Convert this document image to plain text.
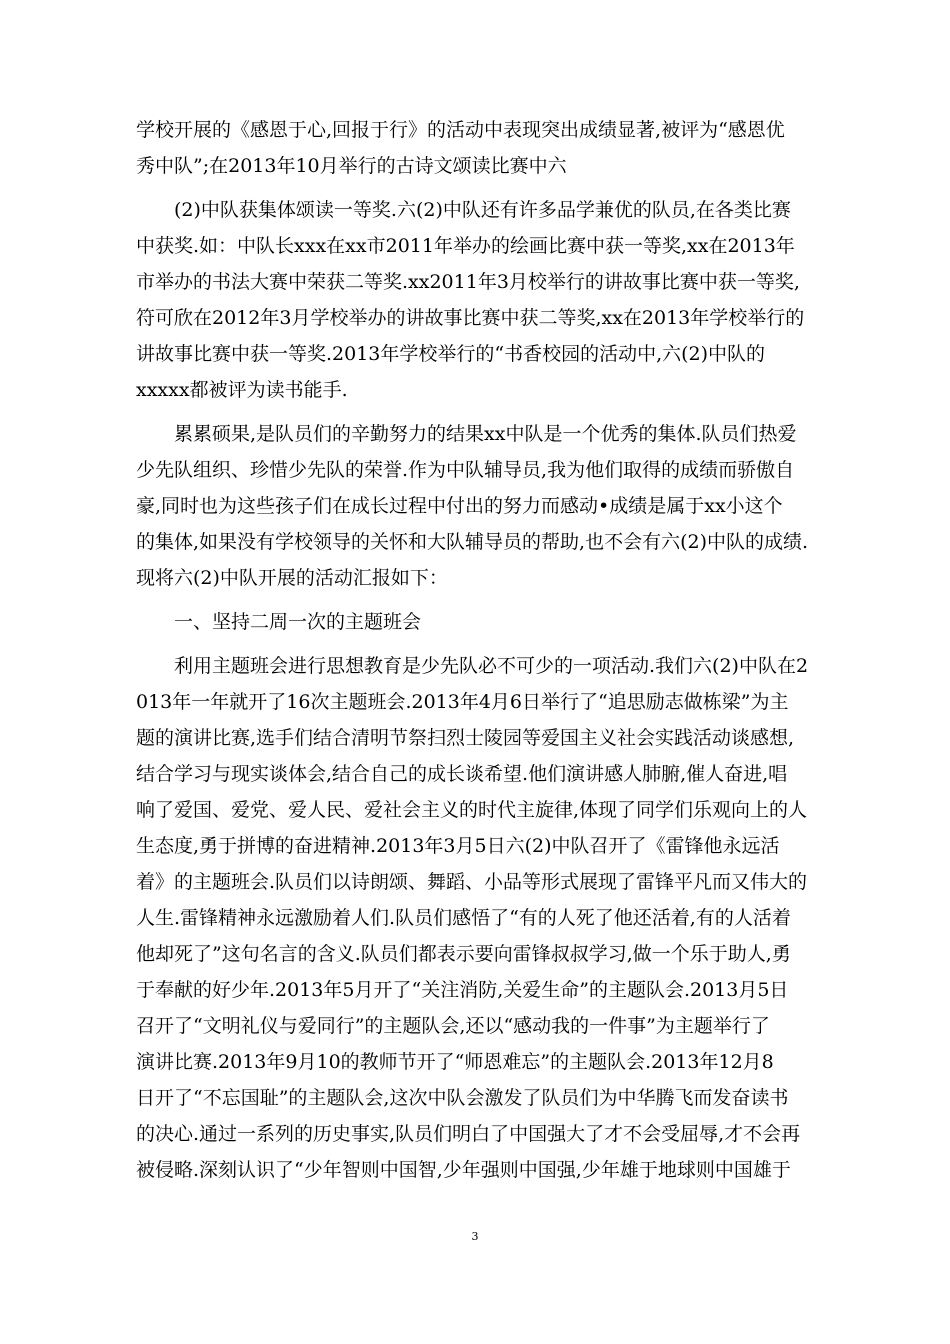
学校开展的《感恩于心,回报于行》的活动中表现突出成绩显著,被评为“感恩优
秀中队”;在2013年10月举行的古诗文颂读比赛中六
(2)中队获集体颂读一等奖.六(2)中队还有许多品学兼优的队员,在各类比赛
中获奖.如：中队长xxx在xx市2011年举办的绘画比赛中获一等奖,xx在2013年
市举办的书法大赛中荣获二等奖.xx2011年3月校举行的讲故事比赛中获一等奖,
符可欣在2012年3月学校举办的讲故事比赛中获二等奖,xx在2013年学校举行的
讲故事比赛中获一等奖.2013年学校举行的“书香校园的活动中,六(2)中队的
xxxxx都被评为读书能手.
累累硕果,是队员们的辛勤努力的结果xx中队是一个优秀的集体.队员们热爱
少先队组织、珍惜少先队的荣誉.作为中队辅导员,我为他们取得的成绩而骄傲自
豪,同时也为这些孩子们在成长过程中付出的努力而感动•成绩是属于xx小这个
的集体,如果没有学校领导的关怀和大队辅导员的帮助,也不会有六(2)中队的成绩.
现将六(2)中队开展的活动汇报如下：
一、坚持二周一次的主题班会
利用主题班会进行思想教育是少先队必不可少的一项活动.我们六(2)中队在2
013年一年就开了16次主题班会.2013年4月6日举行了“追思励志做栋梁”为主
题的演讲比赛,选手们结合清明节祭扫烈士陵园等爱国主义社会实践活动谈感想,
结合学习与现实谈体会,结合自己的成长谈希望.他们演讲感人肺腑,催人奋进,唱
响了爱国、爱党、爱人民、爱社会主义的时代主旋律,体现了同学们乐观向上的人
生态度,勇于拼博的奋进精神.2013年3月5日六(2)中队召开了《雷锋他永远活
着》的主题班会.队员们以诗朗颂、舞蹈、小品等形式展现了雷锋平凡而又伟大的
人生.雷锋精神永远激励着人们.队员们感悟了“有的人死了他还活着,有的人活着
他却死了”这句名言的含义.队员们都表示要向雷锋叔叔学习,做一个乐于助人,勇
于奉献的好少年.2013年5月开了“关注消防,关爱生命”的主题队会.2013月5日
召开了“文明礼仪与爱同行”的主题队会,还以“感动我的一件事”为主题举行了
演讲比赛.2013年9月10的教师节开了“师恩难忘”的主题队会.2013年12月8
日开了“不忘国耻”的主题队会,这次中队会激发了队员们为中华腾飞而发奋读书
的决心.通过一系列的历史事实,队员们明白了中国强大了才不会受屈辱,才不会再
被侵略.深刻认识了“少年智则中国智,少年强则中国强,少年雄于地球则中国雄于
3
